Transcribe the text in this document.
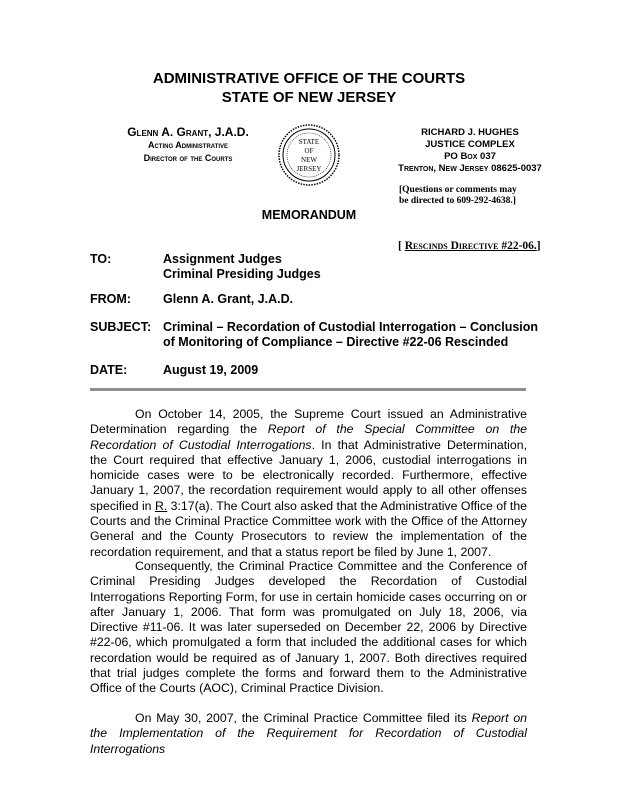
ADMINISTRATIVE OFFICE OF THE COURTS
STATE OF NEW JERSEY
Glenn A. Grant, J.A.D.
Acting Administrative
Director of the Courts
STATE
OF
NEW
JERSEY
RICHARD J. HUGHES
JUSTICE COMPLEX
PO Box 037
Trenton, New Jersey 08625-0037
[Questions or comments may
be directed to 609-292-4638.]
MEMORANDUM
[ Rescinds Directive #22-06.]
TO:	Assignment Judges
Criminal Presiding Judges
FROM:	Glenn A. Grant, J.A.D.
SUBJECT: Criminal – Recordation of Custodial Interrogation – Conclusion
of Monitoring of Compliance – Directive #22-06 Rescinded
DATE:	August 19, 2009
On October 14, 2005, the Supreme Court issued an Administrative Determination regarding the Report of the Special Committee on the Recordation of Custodial Interrogations. In that Administrative Determination, the Court required that effective January 1, 2006, custodial interrogations in homicide cases were to be electronically recorded. Furthermore, effective January 1, 2007, the recordation requirement would apply to all other offenses specified in R. 3:17(a). The Court also asked that the Administrative Office of the Courts and the Criminal Practice Committee work with the Office of the Attorney General and the County Prosecutors to review the implementation of the recordation requirement, and that a status report be filed by June 1, 2007.
Consequently, the Criminal Practice Committee and the Conference of Criminal Presiding Judges developed the Recordation of Custodial Interrogations Reporting Form, for use in certain homicide cases occurring on or after January 1, 2006. That form was promulgated on July 18, 2006, via Directive #11-06. It was later superseded on December 22, 2006 by Directive #22-06, which promulgated a form that included the additional cases for which recordation would be required as of January 1, 2007. Both directives required that trial judges complete the forms and forward them to the Administrative Office of the Courts (AOC), Criminal Practice Division.
On May 30, 2007, the Criminal Practice Committee filed its Report on the Implementation of the Requirement for Recordation of Custodial Interrogations
